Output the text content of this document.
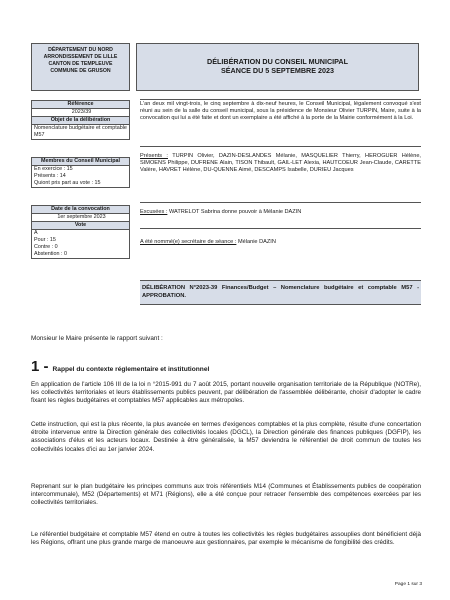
DÉPARTEMENT DU NORD
ARRONDISSEMENT DE LILLE
CANTON DE TEMPLEUVE
COMMUNE DE GRUSON
DÉLIBÉRATION DU CONSEIL MUNICIPAL
SÉANCE DU 5 SEPTEMBRE 2023
Référence
2023/39
Objet de la délibération
Nomenclature budgétaire et comptable M57
Membres du Conseil Municipal
En exercice : 15
Présents : 14
Quiont pris part au vote : 15
Date de la convocation
1er septembre 2023
Vote
A
Pour : 15
Contre : 0
Abstention : 0
L'an deux mil vingt-trois, le cinq septembre à dix-neuf heures, le Conseil Municipal, légalement convoqué s'est réuni au sein de la salle du conseil municipal, sous la présidence de Monsieur Olivier TURPIN, Maire, suite à la convocation qui lui a été faite et dont un exemplaire a été affiché à la porte de la Mairie conformément à la Loi.
Présents : TURPIN Olivier, DAZIN-DESLANDES Mélanie, MASQUELIER Thierry, HEROGUER Hélène, SIMOENS Philippe, DUFRENE Alain, TISON Thibault, GAIL-LET Alexia, HAUTCOEUR Jean-Claude, CARETTE Valère, HAVRET Hélène, DU-QUENNE Aimé, DESCAMPS Isabelle, DURIEU Jacques
Excusées : WATRELOT Sabrina donne pouvoir à Mélanie DAZIN
A été nommé(e) secrétaire de séance : Mélanie DAZIN
DÉLIBÉRATION N°2023-39 Finances/Budget – Nomenclature budgétaire et comptable M57 - APPROBATION.
Monsieur le Maire présente le rapport suivant :
1 - Rappel du contexte réglementaire et institutionnel
En application de l'article 106 III de la loi n °2015-991 du 7 août 2015, portant nouvelle organisation territoriale de la République (NOTRe), les collectivités territoriales et leurs établissements publics peuvent, par délibération de l'assemblée délibérante, choisir d'adopter le cadre fixant les règles budgétaires et comptables M57 applicables aux métropoles.
Cette instruction, qui est la plus récente, la plus avancée en termes d'exigences comptables et la plus complète, résulte d'une concertation étroite intervenue entre la Direction générale des collectivités locales (DGCL), la Direction générale des finances publiques (DGFIP), les associations d'élus et les acteurs locaux. Destinée à être généralisée, la M57 deviendra le référentiel de droit commun de toutes les collectivités locales d'ici au 1er janvier 2024.
Reprenant sur le plan budgétaire les principes communs aux trois référentiels M14 (Communes et Établissements publics de coopération intercommunale), M52 (Départements) et M71 (Régions), elle a été conçue pour retracer l'ensemble des compétences exercées par les collectivités territoriales.
Le référentiel budgétaire et comptable M57 étend en outre à toutes les collectivités les règles budgétaires assouplies dont bénéficient déjà les Régions, offrant une plus grande marge de manoeuvre aux gestionnaires, par exemple le mécanisme de fongibilité des crédits.
Page 1 sur 3
